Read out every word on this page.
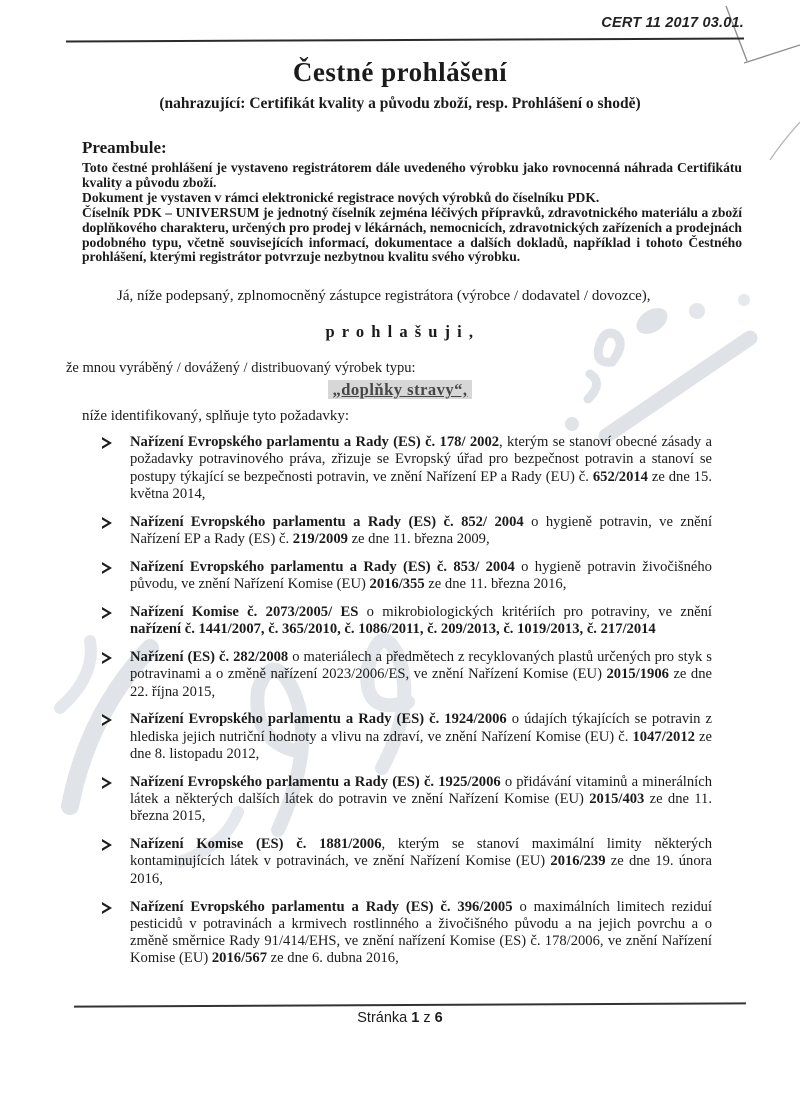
CERT 11 2017 03.01.
Čestné prohlášení
(nahrazující: Certifikát kvality a původu zboží, resp. Prohlášení o shodě)
Preambule:

Toto čestné prohlášení je vystaveno registrátorem dále uvedeného výrobku jako rovnocenná náhrada Certifikátu kvality a původu zboží.

Dokument je vystaven v rámci elektronické registrace nových výrobků do číselníku PDK.

Číselník PDK – UNIVERSUM je jednotný číselník zejména léčivých přípravků, zdravotnického materiálu a zboží doplňkového charakteru, určených pro prodej v lékárnách, nemocnicích, zdravotnických zařízeních a prodejnách podobného typu, včetně souvisejících informací, dokumentace a dalších dokladů, například i tohoto Čestného prohlášení, kterými registrátor potvrzuje nezbytnou kvalitu svého výrobku.

Já, níže podepsaný, zplnomocněný zástupce registrátora (výrobce / dodavatel / dovozce),
p r o h l a š u j i ,
že mnou vyráběný / dovážený / distribuovaný výrobek typu:
„doplňky stravy“,
níže identifikovaný, splňuje tyto požadavky:
Nařízení Evropského parlamentu a Rady (ES) č. 178/ 2002, kterým se stanoví obecné zásady a požadavky potravinového práva, zřizuje se Evropský úřad pro bezpečnost potravin a stanoví se postupy týkající se bezpečnosti potravin, ve znění Nařízení EP a Rady (EU) č. 652/2014 ze dne 15. května 2014,
Nařízení Evropského parlamentu a Rady (ES) č. 852/ 2004 o hygieně potravin, ve znění Nařízení EP a Rady (ES) č. 219/2009 ze dne 11. března 2009,
Nařízení Evropského parlamentu a Rady (ES) č. 853/ 2004 o hygieně potravin živočišného původu, ve znění Nařízení Komise (EU) 2016/355 ze dne 11. března 2016,
Nařízení Komise č. 2073/2005/ ES o mikrobiologických kritériích pro potraviny, ve znění nařízení č. 1441/2007, č. 365/2010, č. 1086/2011, č. 209/2013, č. 1019/2013, č. 217/2014
Nařízení (ES) č. 282/2008 o materiálech a předmětech z recyklovaných plastů určených pro styk s potravinami a o změně nařízení 2023/2006/ES, ve znění Nařízení Komise (EU) 2015/1906 ze dne 22. října 2015,
Nařízení Evropského parlamentu a Rady (ES) č. 1924/2006 o údajích týkajících se potravin z hlediska jejich nutriční hodnoty a vlivu na zdraví, ve znění Nařízení Komise (EU) č. 1047/2012 ze dne 8. listopadu 2012,
Nařízení Evropského parlamentu a Rady (ES) č. 1925/2006 o přidávání vitaminů a minerálních látek a některých dalších látek do potravin ve znění Nařízení Komise (EU) 2015/403 ze dne 11. března 2015,
Nařízení Komise (ES) č. 1881/2006, kterým se stanoví maximální limity některých kontaminujících látek v potravinách, ve znění Nařízení Komise (EU) 2016/239 ze dne 19. února 2016,
Nařízení Evropského parlamentu a Rady (ES) č. 396/2005 o maximálních limitech reziduí pesticidů v potravinách a krmivech rostlinného a živočišného původu a na jejich povrchu a o změně směrnice Rady 91/414/EHS, ve znění nařízení Komise (ES) č. 178/2006, ve znění Nařízení Komise (EU) 2016/567 ze dne 6. dubna 2016,
Stránka 1 z 6
